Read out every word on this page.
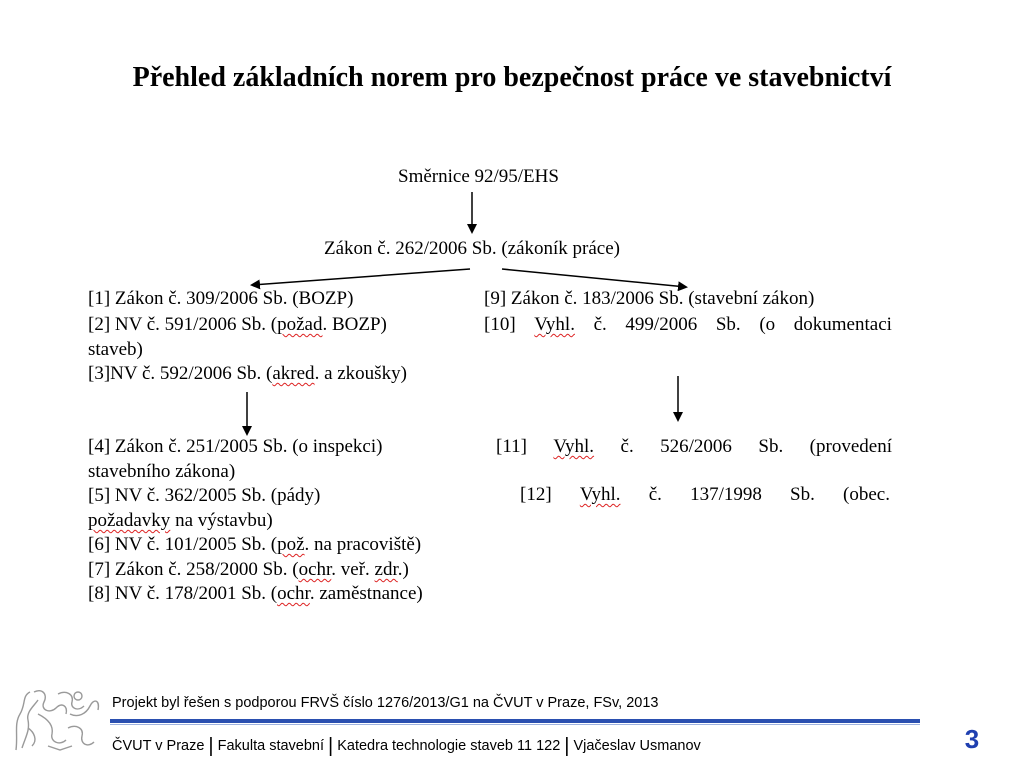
Přehled základních norem pro bezpečnost práce ve stavebnictví
Směrnice 92/95/EHS
Zákon č. 262/2006 Sb. (zákoník práce)
[1] Zákon č. 309/2006 Sb. (BOZP)
[2] NV č. 591/2006 Sb. (požad. BOZP)
staveb)
[3]NV č. 592/2006 Sb. (akred. a zkoušky)
[9] Zákon č. 183/2006 Sb. (stavební zákon)
[10] Vyhl. č. 499/2006 Sb. (o dokumentaci
[4] Zákon č. 251/2005 Sb. (o inspekci)
stavebního zákona)
[5] NV č. 362/2005 Sb. (pády)
požadavky na výstavbu)
[6] NV č. 101/2005 Sb. (pož. na pracoviště)
[7] Zákon č. 258/2000 Sb. (ochr. veř. zdr.)
[8] NV č. 178/2001 Sb. (ochr. zaměstnance)
[11] Vyhl. č. 526/2006 Sb. (provedení
[12] Vyhl. č. 137/1998 Sb. (obec.
Projekt byl řešen s podporou FRVŠ číslo 1276/2013/G1 na ČVUT v Praze, FSv, 2013
ČVUT v Praze | Fakulta stavební | Katedra technologie staveb 11 122 | Vjačeslav Usmanov	3
